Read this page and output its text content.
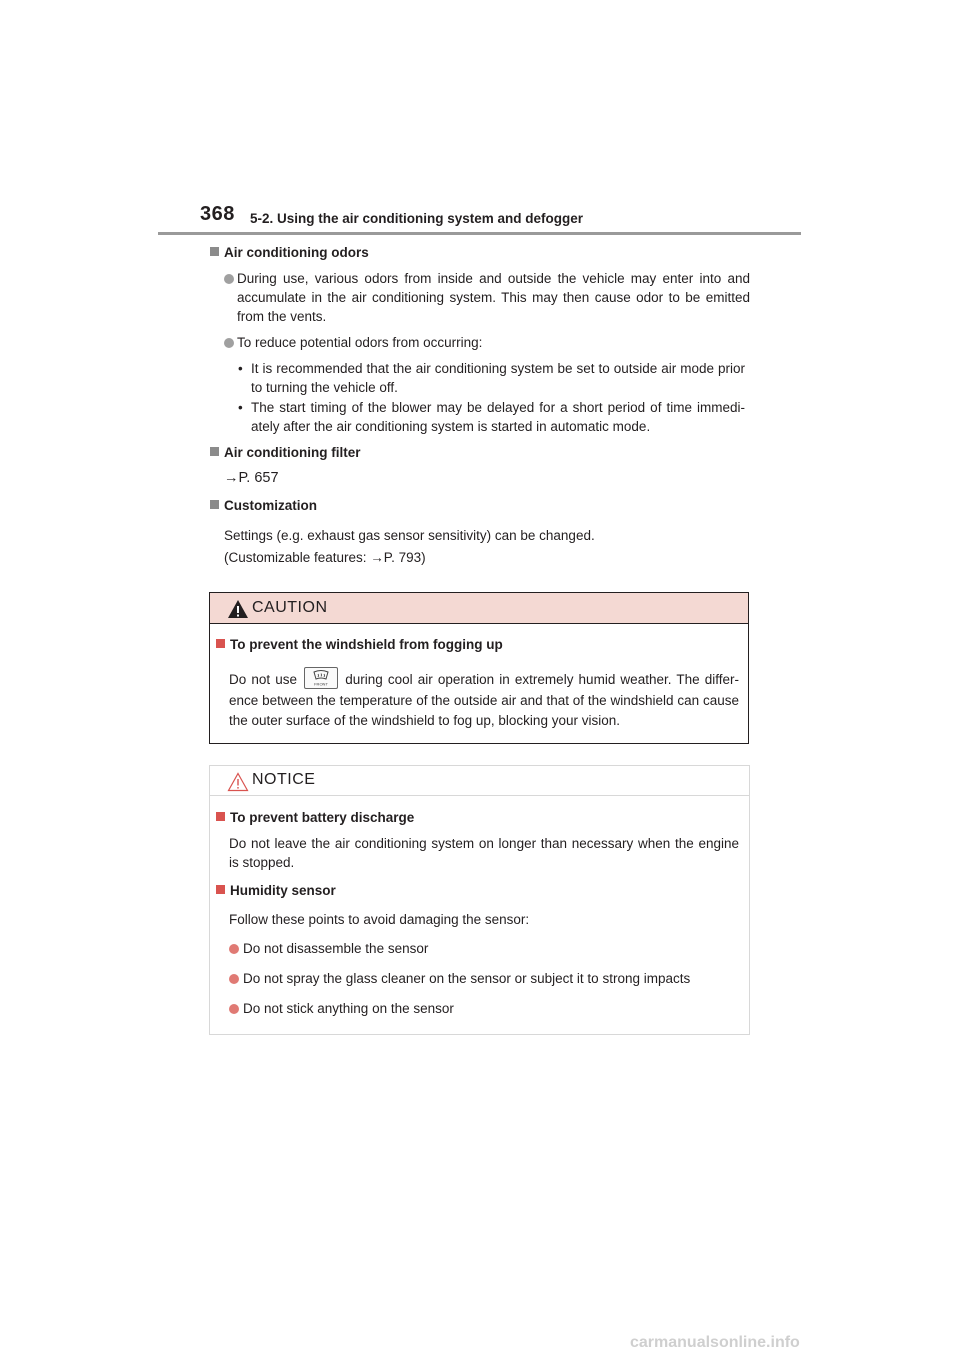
368 5-2. Using the air conditioning system and defogger
Air conditioning odors
During use, various odors from inside and outside the vehicle may enter into and accumulate in the air conditioning system. This may then cause odor to be emitted from the vents.
To reduce potential odors from occurring:
• It is recommended that the air conditioning system be set to outside air mode prior to turning the vehicle off.
• The start timing of the blower may be delayed for a short period of time immedi-ately after the air conditioning system is started in automatic mode.
Air conditioning filter
→P. 657
Customization
Settings (e.g. exhaust gas sensor sensitivity) can be changed.
(Customizable features: →P. 793)
CAUTION
To prevent the windshield from fogging up
Do not use	FRONT during cool air operation in extremely humid weather. The differ-ence between the temperature of the outside air and that of the windshield can cause the outer surface of the windshield to fog up, blocking your vision.
NOTICE
To prevent battery discharge
Do not leave the air conditioning system on longer than necessary when the engine is stopped.
Humidity sensor
Follow these points to avoid damaging the sensor:
Do not disassemble the sensor
Do not spray the glass cleaner on the sensor or subject it to strong impacts
Do not stick anything on the sensor
carmanualsonline.info
